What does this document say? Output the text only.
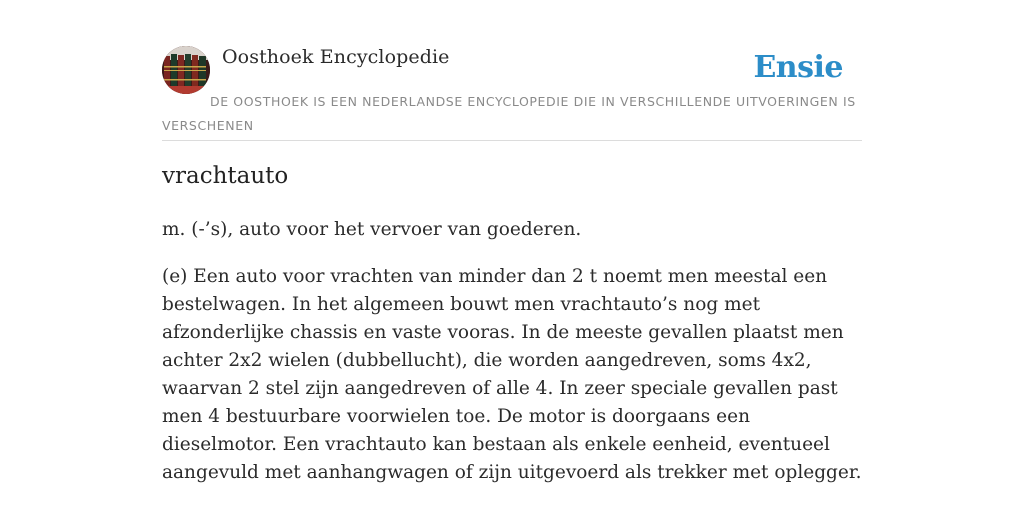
Oosthoek Encyclopedie	Ensie
DE OOSTHOEK IS EEN NEDERLANDSE ENCYCLOPEDIE DIE IN VERSCHILLENDE UITVOERINGEN IS VERSCHENEN
vrachtauto

m. (-’s), auto voor het vervoer van goederen.

(e) Een auto voor vrachten van minder dan 2 t noemt men meestal een bestelwagen. In het algemeen bouwt men vrachtauto’s nog met afzonderlijke chassis en vaste vooras. In de meeste gevallen plaatst men achter 2x2 wielen (dubbellucht), die worden aangedreven, soms 4x2, waarvan 2 stel zijn aangedreven of alle 4. In zeer speciale gevallen past men 4 bestuurbare voorwielen toe. De motor is doorgaans een dieselmotor. Een vrachtauto kan bestaan als enkele eenheid, eventueel aangevuld met aanhangwagen of zijn uitgevoerd als trekker met oplegger.
